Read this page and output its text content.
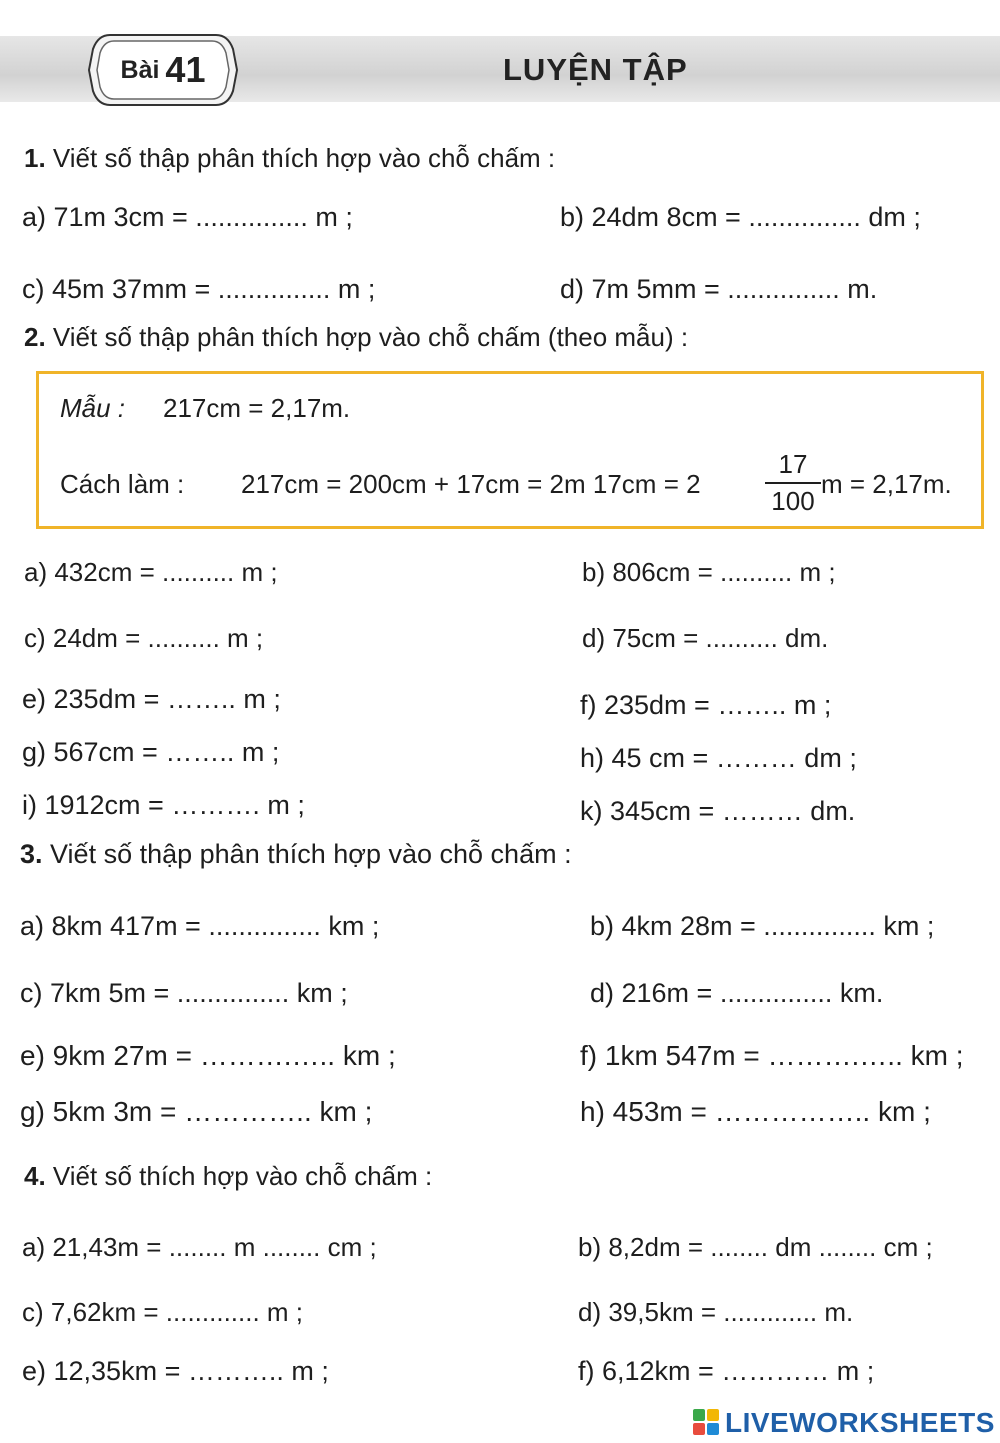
Bài 41	LUYỆN TẬP
1. Viết số thập phân thích hợp vào chỗ chấm :
a) 71m 3cm = ............... m ;	b) 24dm 8cm = ............... dm ;
c) 45m 37mm = ............... m ;	d) 7m 5mm = ............... m.
2. Viết số thập phân thích hợp vào chỗ chấm (theo mẫu) :
Mẫu : 217cm = 2,17m.
Cách làm : 217cm = 200cm + 17cm = 2m 17cm = 2
17
100
m = 2,17m.
a) 432cm = .......... m ;	b) 806cm = .......... m ;
c) 24dm = .......... m ;	d) 75cm = .......... dm.
e) 235dm = …….. m ;	f) 235dm = …….. m ;
g) 567cm = …….. m ;	h) 45 cm = ……… dm ;
i) 1912cm = ………. m ;	k) 345cm = ……… dm.
3. Viết số thập phân thích hợp vào chỗ chấm :
a) 8km 417m = ............... km ;	b) 4km 28m = ............... km ;
c) 7km 5m = ............... km ;	d) 216m = ............... km.
e) 9km 27m = ……….….. km ;	f) 1km 547m = ……….….. km ;
g) 5km 3m = ………….. km ;	h) 453m = …………….. km ;
4. Viết số thích hợp vào chỗ chấm :
a) 21,43m = ........ m ........ cm ;	b) 8,2dm = ........ dm ........ cm ;
c) 7,62km = ............. m ;	d) 39,5km = ............. m.
e) 12,35km = ……….. m ;	f) 6,12km = ………… m ;
LIVEWORKSHEETS
